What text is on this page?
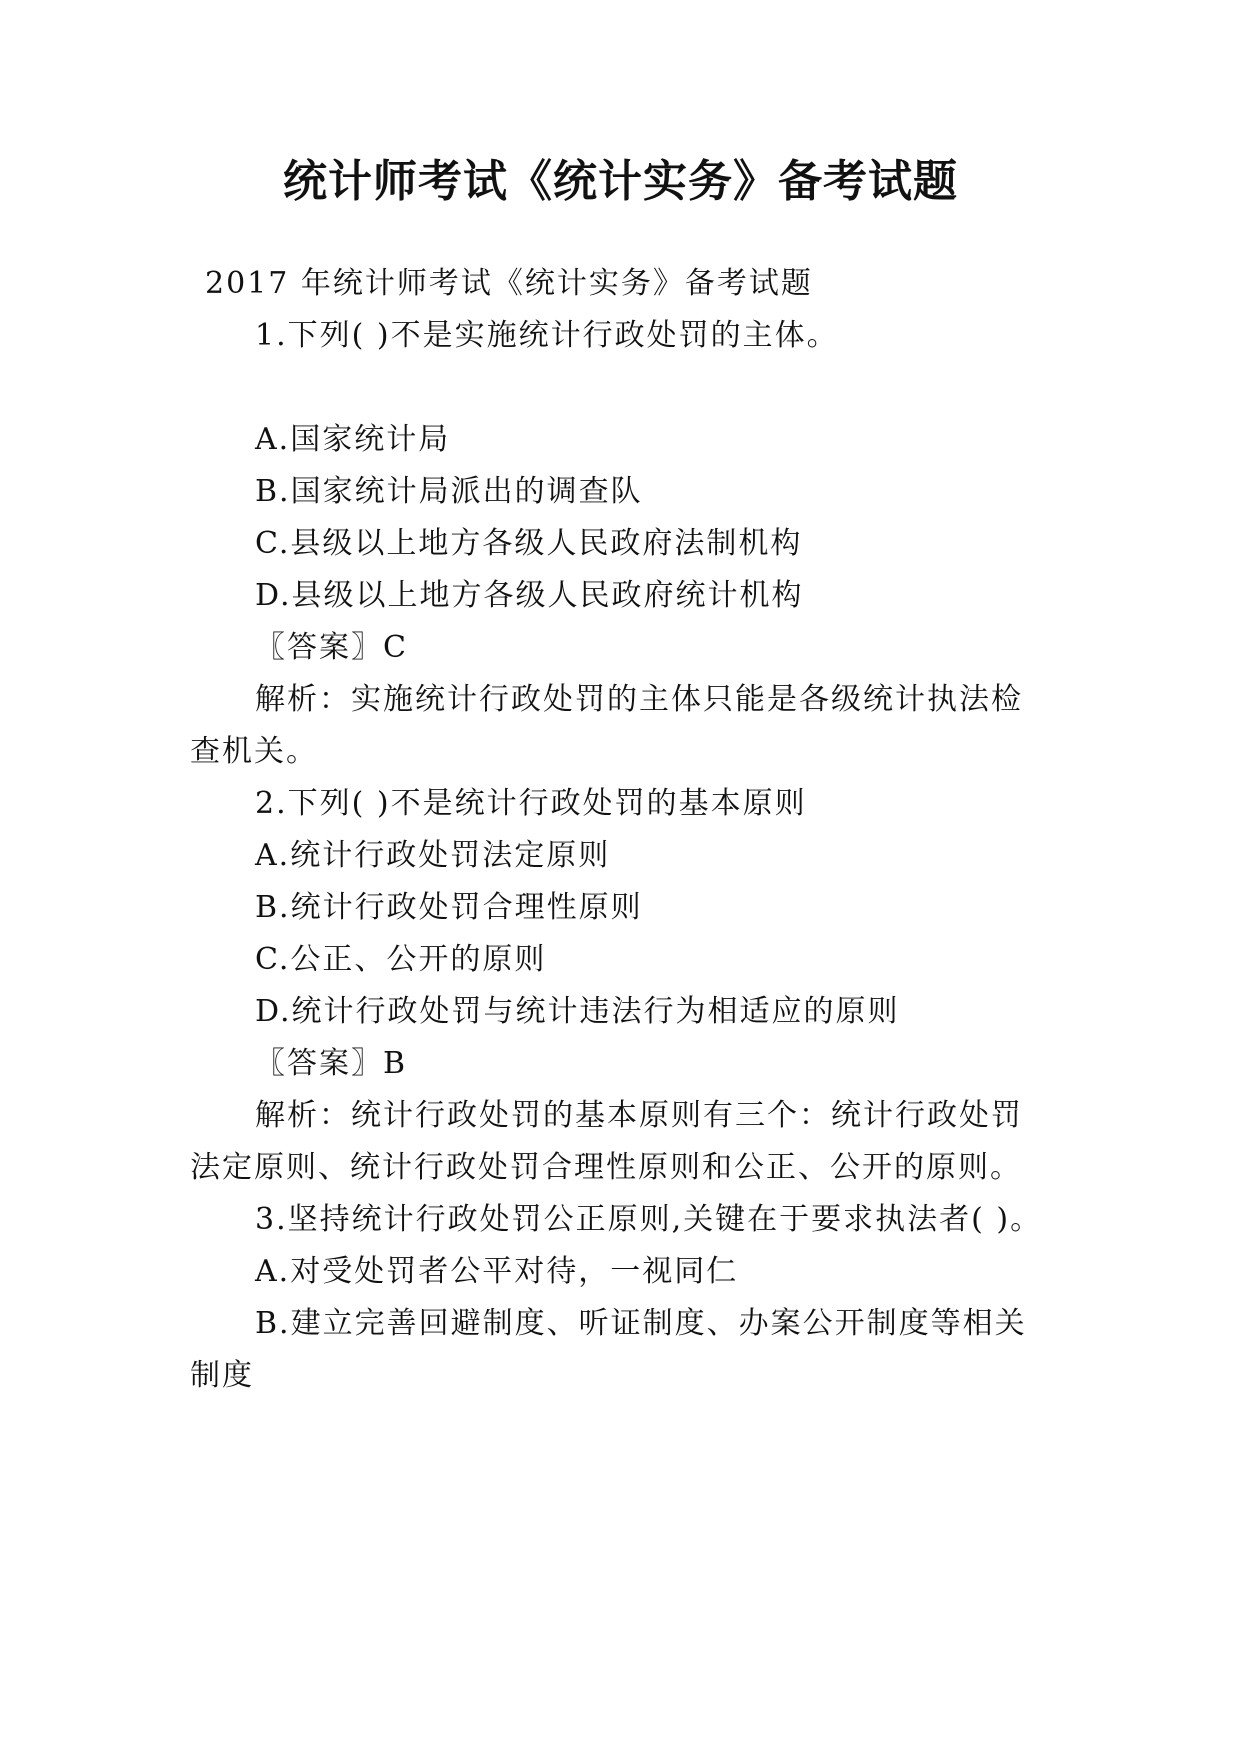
统计师考试《统计实务》备考试题
2017 年统计师考试《统计实务》备考试题
1.下列( )不是实施统计行政处罚的主体。
A.国家统计局
B.国家统计局派出的调查队
C.县级以上地方各级人民政府法制机构
D.县级以上地方各级人民政府统计机构
〖答案〗C
解析：实施统计行政处罚的主体只能是各级统计执法检
查机关。
2.下列( )不是统计行政处罚的基本原则
A.统计行政处罚法定原则
B.统计行政处罚合理性原则
C.公正、公开的原则
D.统计行政处罚与统计违法行为相适应的原则
〖答案〗B
解析：统计行政处罚的基本原则有三个：统计行政处罚
法定原则、统计行政处罚合理性原则和公正、公开的原则。
3.坚持统计行政处罚公正原则,关键在于要求执法者( )。
A.对受处罚者公平对待，一视同仁
B.建立完善回避制度、听证制度、办案公开制度等相关
制度
